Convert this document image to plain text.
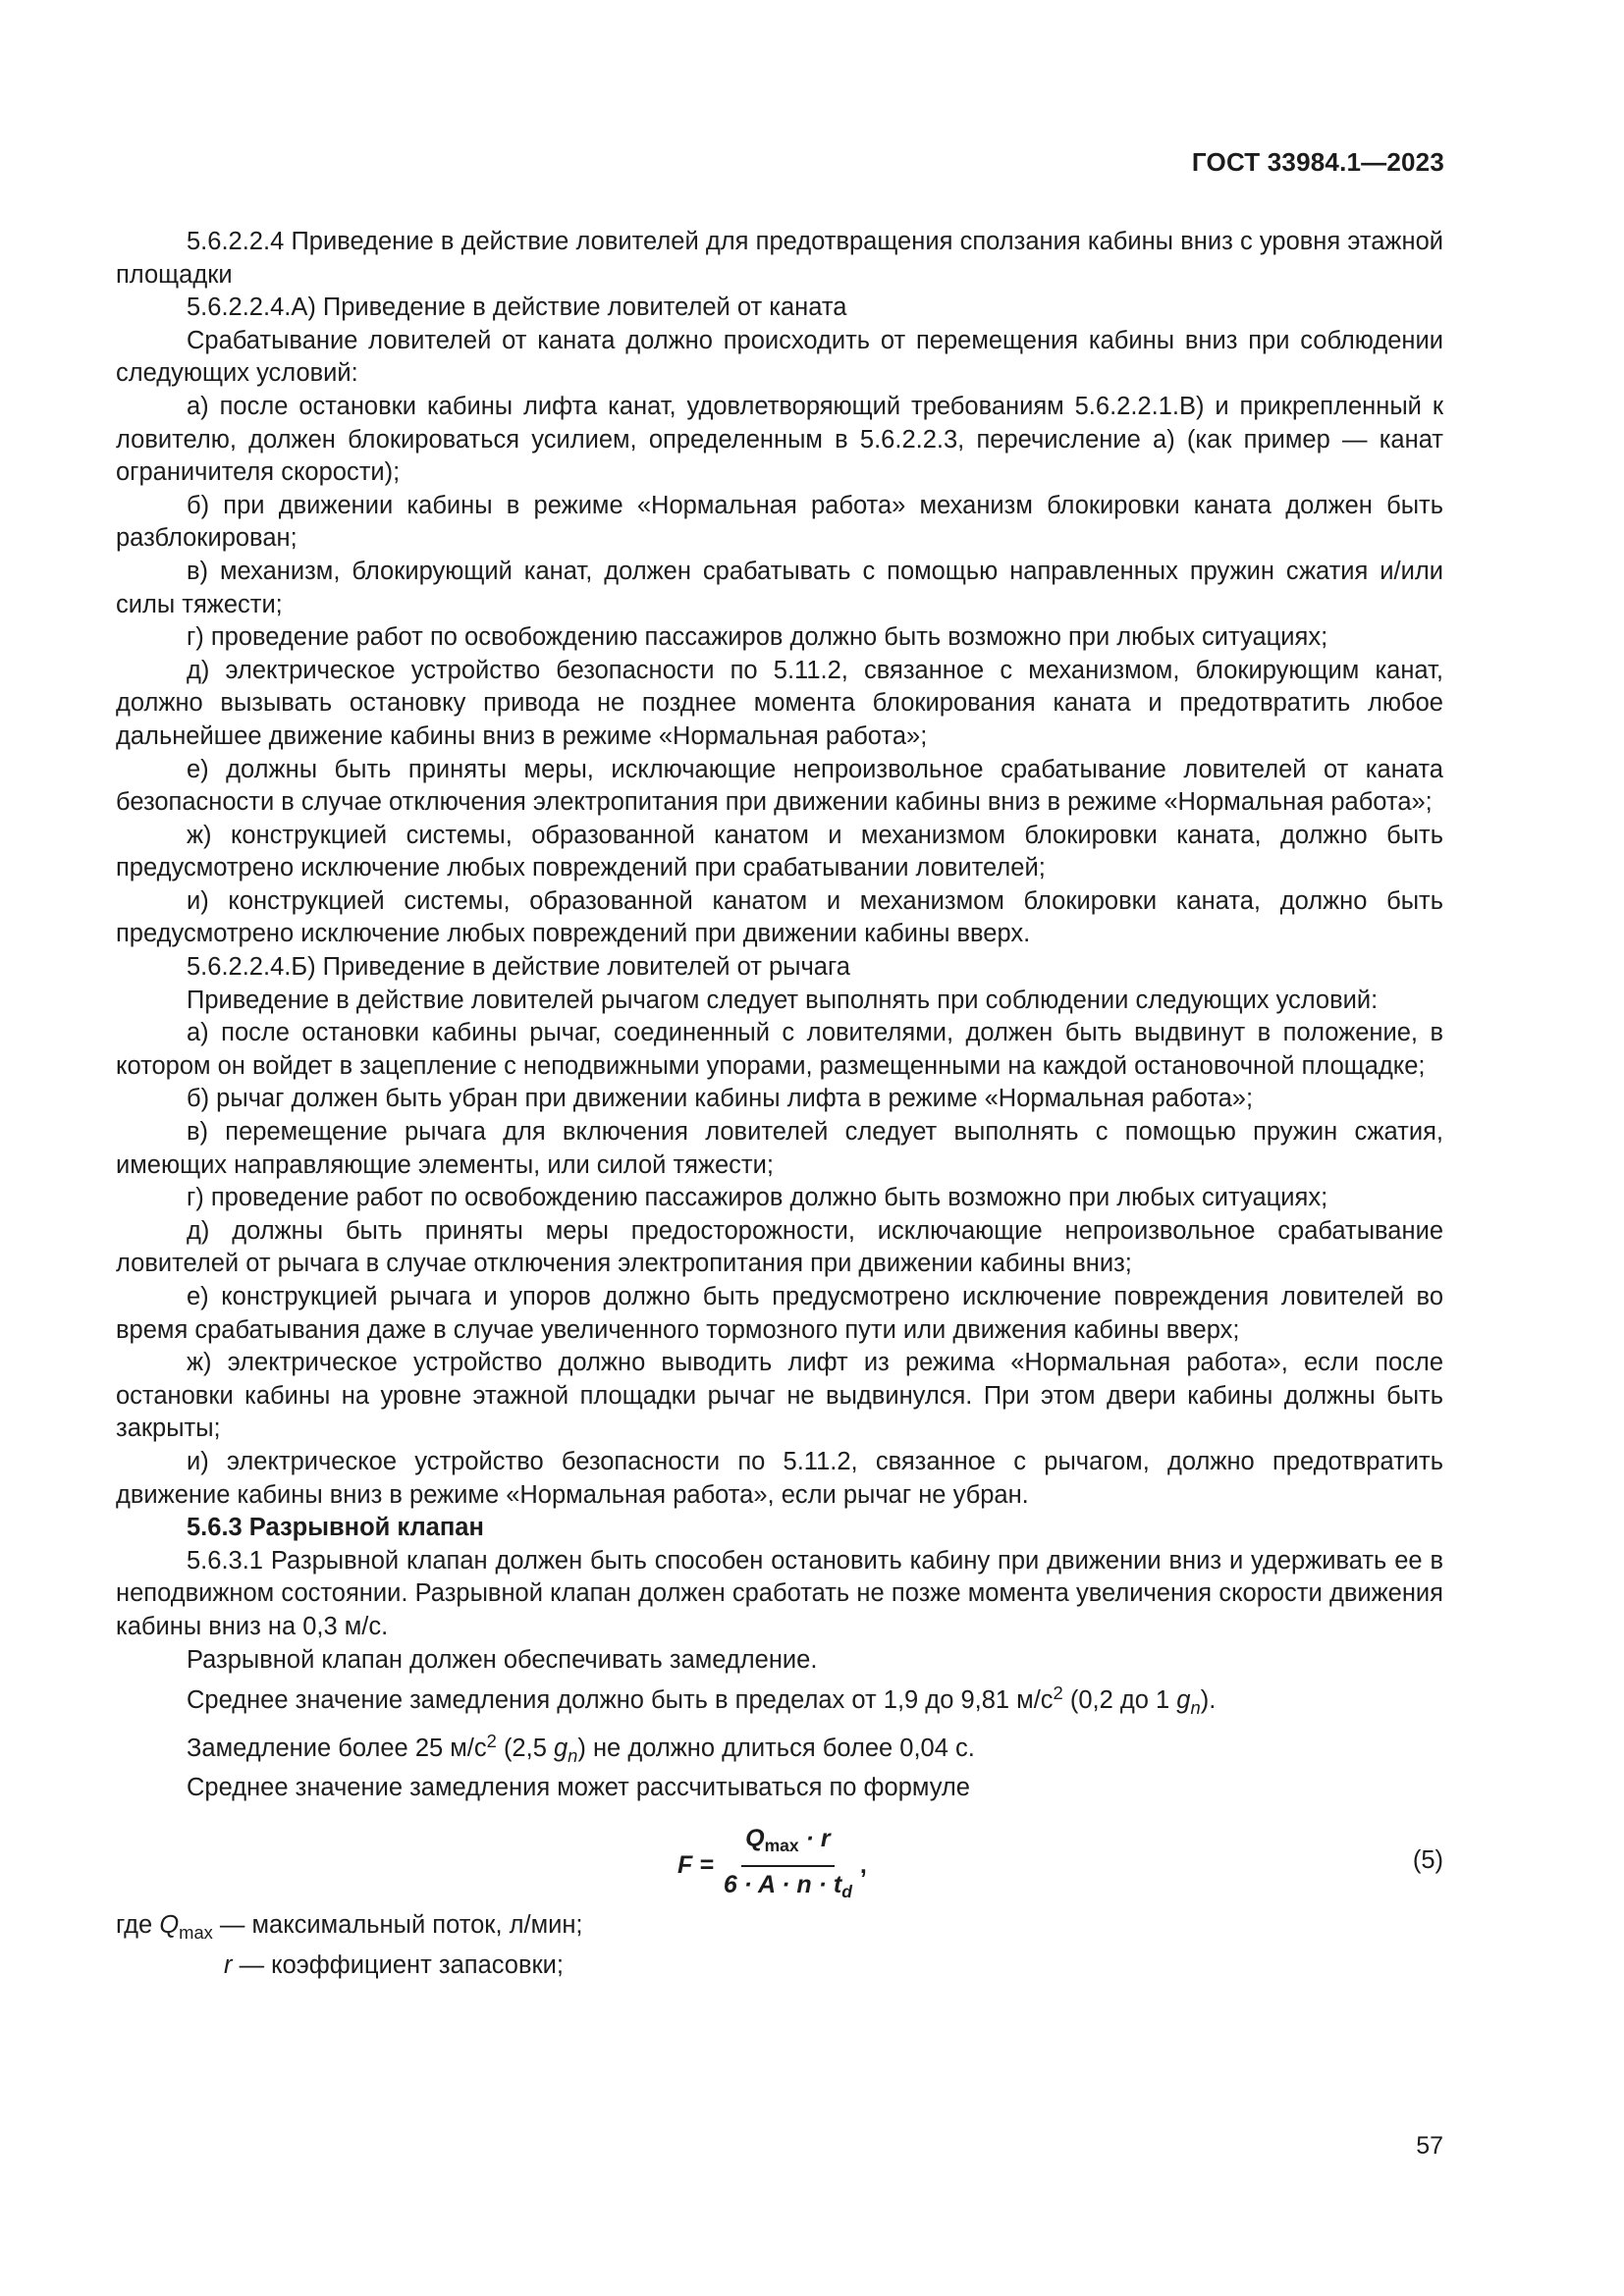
ГОСТ 33984.1—2023

5.6.2.2.4 Приведение в действие ловителей для предотвращения сползания кабины вниз с уровня этажной площадки

5.6.2.2.4.А) Приведение в действие ловителей от каната

Срабатывание ловителей от каната должно происходить от перемещения кабины вниз при соблюдении следующих условий:

а) после остановки кабины лифта канат, удовлетворяющий требованиям 5.6.2.2.1.В) и прикрепленный к ловителю, должен блокироваться усилием, определенным в 5.6.2.2.3, перечисление а) (как пример — канат ограничителя скорости);

б) при движении кабины в режиме «Нормальная работа» механизм блокировки каната должен быть разблокирован;

в) механизм, блокирующий канат, должен срабатывать с помощью направленных пружин сжатия и/или силы тяжести;

г) проведение работ по освобождению пассажиров должно быть возможно при любых ситуациях;

д) электрическое устройство безопасности по 5.11.2, связанное с механизмом, блокирующим канат, должно вызывать остановку привода не позднее момента блокирования каната и предотвратить любое дальнейшее движение кабины вниз в режиме «Нормальная работа»;

е) должны быть приняты меры, исключающие непроизвольное срабатывание ловителей от каната безопасности в случае отключения электропитания при движении кабины вниз в режиме «Нормальная работа»;

ж) конструкцией системы, образованной канатом и механизмом блокировки каната, должно быть предусмотрено исключение любых повреждений при срабатывании ловителей;

и) конструкцией системы, образованной канатом и механизмом блокировки каната, должно быть предусмотрено исключение любых повреждений при движении кабины вверх.

5.6.2.2.4.Б) Приведение в действие ловителей от рычага

Приведение в действие ловителей рычагом следует выполнять при соблюдении следующих условий:

а) после остановки кабины рычаг, соединенный с ловителями, должен быть выдвинут в положение, в котором он войдет в зацепление с неподвижными упорами, размещенными на каждой остановочной площадке;

б) рычаг должен быть убран при движении кабины лифта в режиме «Нормальная работа»;

в) перемещение рычага для включения ловителей следует выполнять с помощью пружин сжатия, имеющих направляющие элементы, или силой тяжести;

г) проведение работ по освобождению пассажиров должно быть возможно при любых ситуациях;

д) должны быть приняты меры предосторожности, исключающие непроизвольное срабатывание ловителей от рычага в случае отключения электропитания при движении кабины вниз;

е) конструкцией рычага и упоров должно быть предусмотрено исключение повреждения ловителей во время срабатывания даже в случае увеличенного тормозного пути или движения кабины вверх;

ж) электрическое устройство должно выводить лифт из режима «Нормальная работа», если после остановки кабины на уровне этажной площадки рычаг не выдвинулся. При этом двери кабины должны быть закрыты;

и) электрическое устройство безопасности по 5.11.2, связанное с рычагом, должно предотвратить движение кабины вниз в режиме «Нормальная работа», если рычаг не убран.

5.6.3 Разрывной клапан

5.6.3.1 Разрывной клапан должен быть способен остановить кабину при движении вниз и удерживать ее в неподвижном состоянии. Разрывной клапан должен сработать не позже момента увеличения скорости движения кабины вниз на 0,3 м/с.

Разрывной клапан должен обеспечивать замедление.

Среднее значение замедления должно быть в пределах от 1,9 до 9,81 $м/с^2$ (0,2 до 1 $g_n$).

Замедление более 25 $м/с^2$ (2,5 $g_n$) не должно длиться более 0,04 с.

Среднее значение замедления может рассчитываться по формуле

$F = \frac{Q_{max} \cdot r}{6 \cdot A \cdot n \cdot t_d}$ ,	(5)

где $Q_{max}$ — максимальный поток, л/мин;

r — коэффициент запасовки;

57
